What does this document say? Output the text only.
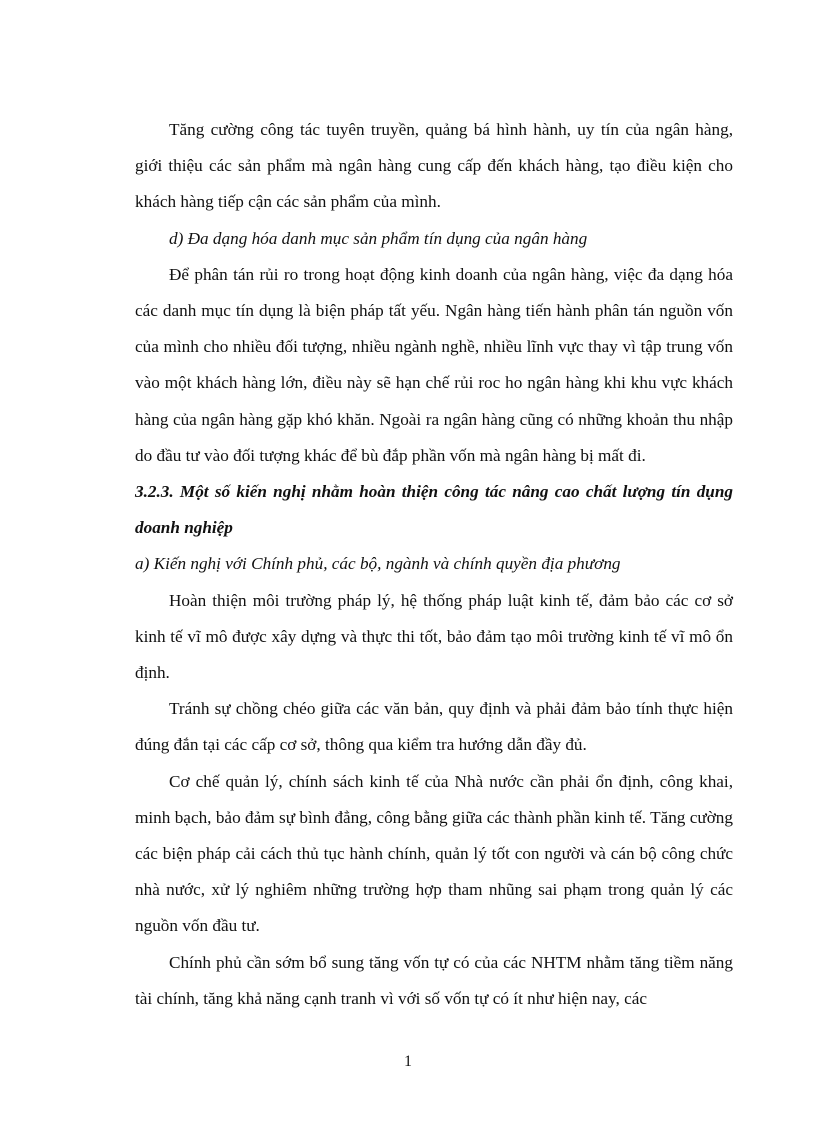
Tăng cường công tác tuyên truyền, quảng bá hình hành, uy tín của ngân hàng, giới thiệu các sản phẩm mà ngân hàng cung cấp đến khách hàng, tạo điều kiện cho khách hàng tiếp cận các sản phẩm của mình.

d) Đa dạng hóa danh mục sản phẩm tín dụng của ngân hàng

Để phân tán rủi ro trong hoạt động kinh doanh của ngân hàng, việc đa dạng hóa các danh mục tín dụng là biện pháp tất yếu. Ngân hàng tiến hành phân tán nguồn vốn của mình cho nhiều đối tượng, nhiều ngành nghề, nhiều lĩnh vực thay vì tập trung vốn vào một khách hàng lớn, điều này sẽ hạn chế rủi roc ho ngân hàng khi khu vực khách hàng của ngân hàng gặp khó khăn. Ngoài ra ngân hàng cũng có những khoản thu nhập do đầu tư vào đối tượng khác để bù đắp phần vốn mà ngân hàng bị mất đi.

3.2.3. Một số kiến nghị nhằm hoàn thiện công tác nâng cao chất lượng tín dụng doanh nghiệp

a) Kiến nghị với Chính phủ, các bộ, ngành và chính quyền địa phương

Hoàn thiện môi trường pháp lý, hệ thống pháp luật kinh tế, đảm bảo các cơ sở kinh tế vĩ mô được xây dựng và thực thi tốt, bảo đảm tạo môi trường kinh tế vĩ mô ổn định.

Tránh sự chồng chéo giữa các văn bản, quy định và phải đảm bảo tính thực hiện đúng đắn tại các cấp cơ sở, thông qua kiểm tra hướng dẫn đầy đủ.

Cơ chế quản lý, chính sách kinh tế của Nhà nước cần phải ổn định, công khai, minh bạch, bảo đảm sự bình đẳng, công bằng giữa các thành phần kinh tế. Tăng cường các biện pháp cải cách thủ tục hành chính, quản lý tốt con người và cán bộ công chức nhà nước, xử lý nghiêm những trường hợp tham nhũng sai phạm trong quản lý các nguồn vốn đầu tư.

Chính phủ cần sớm bổ sung tăng vốn tự có của các NHTM nhằm tăng tiềm năng tài chính, tăng khả năng cạnh tranh vì với số vốn tự có ít như hiện nay, các

1
